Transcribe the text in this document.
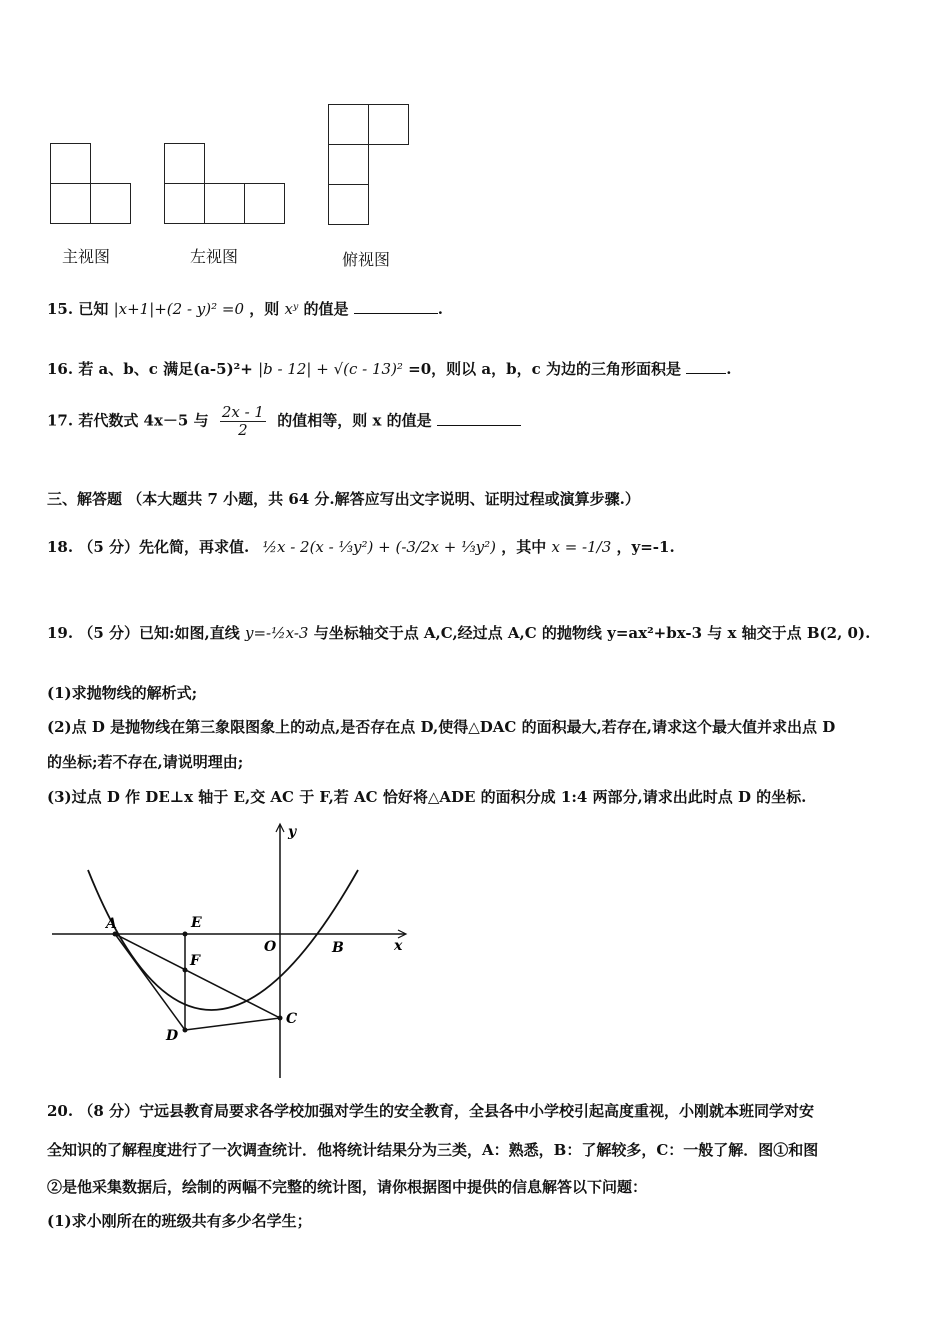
主视图	左视图	俯视图
15. 已知 |x+1|+(2 - y)² =0 ，则 xʸ 的值是	.
16. 若 a、b、c 满足(a-5)²+ |b - 12| + √(c - 13)² =0，则以 a，b，c 为边的三角形面积是	.
17. 若代数式 4x－5 与 $\frac{2x - 1}{2}$ 的值相等，则 x 的值是
三、解答题 （本大题共 7 小题，共 64 分.解答应写出文字说明、证明过程或演算步骤.）
18. （5 分）先化简，再求值. ½x - 2(x - ⅓y²) + (-3/2x + ⅓y²) ，其中 x = -1/3 ，y=-1.
19. （5 分）已知:如图,直线 y=-½x-3 与坐标轴交于点 A,C,经过点 A,C 的抛物线 y=ax²+bx-3 与 x 轴交于点 B(2, 0).
(1)求抛物线的解析式;
(2)点 D 是抛物线在第三象限图象上的动点,是否存在点 D,使得△DAC 的面积最大,若存在,请求这个最大值并求出点 D
的坐标;若不存在,请说明理由;
(3)过点 D 作 DE⊥x 轴于 E,交 AC 于 F,若 AC 恰好将△ADE 的面积分成 1:4 两部分,请求出此时点 D 的坐标.
y
x
A	E
F
O	B
C
D
20. （8 分）宁远县教育局要求各学校加强对学生的安全教育，全县各中小学校引起高度重视，小刚就本班同学对安
全知识的了解程度进行了一次调查统计．他将统计结果分为三类，A：熟悉，B：了解较多，C：一般了解．图①和图
②是他采集数据后，绘制的两幅不完整的统计图，请你根据图中提供的信息解答以下问题：
(1)求小刚所在的班级共有多少名学生；
